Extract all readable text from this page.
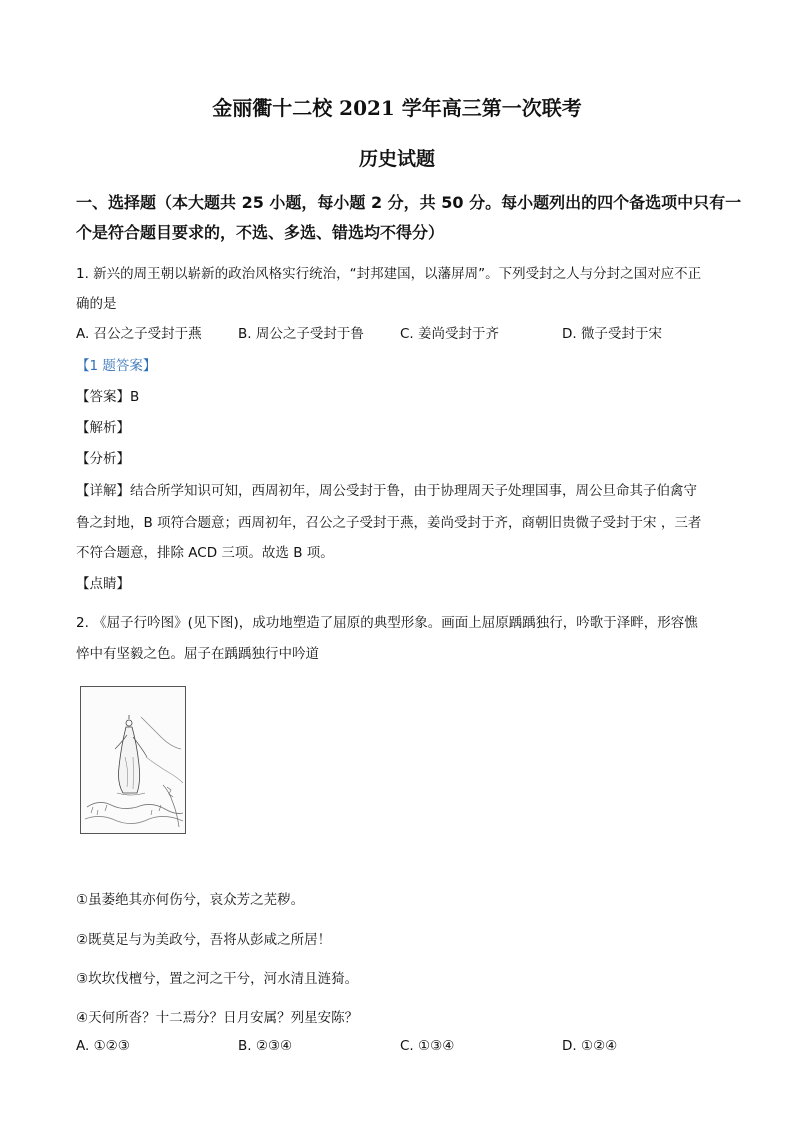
金丽衢十二校 2021 学年高三第一次联考
历史试题
一、选择题（本大题共 25 小题，每小题 2 分，共 50 分。每小题列出的四个备选项中只有一
个是符合题目要求的，不选、多选、错选均不得分）
1. 新兴的周王朝以崭新的政治风格实行统治，“封邦建国，以藩屏周”。下列受封之人与分封之国对应不正
确的是
A. 召公之子受封于燕	B. 周公之子受封于鲁	C. 姜尚受封于齐	D. 微子受封于宋
【1 题答案】
【答案】B
【解析】
【分析】
【详解】结合所学知识可知，西周初年，周公受封于鲁，由于协理周天子处理国事，周公旦命其子伯禽守
鲁之封地，B 项符合题意；西周初年，召公之子受封于燕，姜尚受封于齐，商朝旧贵微子受封于宋 ，三者
不符合题意，排除 ACD 三项。故选 B 项。
【点睛】
2. 《屈子行吟图》(见下图)，成功地塑造了屈原的典型形象。画面上屈原踽踽独行，吟歌于泽畔，形容憔
悴中有坚毅之色。屈子在踽踽独行中吟道
①虽萎绝其亦何伤兮，哀众芳之芜秽。
②既莫足与为美政兮，吾将从彭咸之所居！
③坎坎伐檀兮，置之河之干兮，河水清且涟猗。
④天何所沓？十二焉分？日月安属？列星安陈？
A. ①②③	B. ②③④	C. ①③④	D. ①②④
